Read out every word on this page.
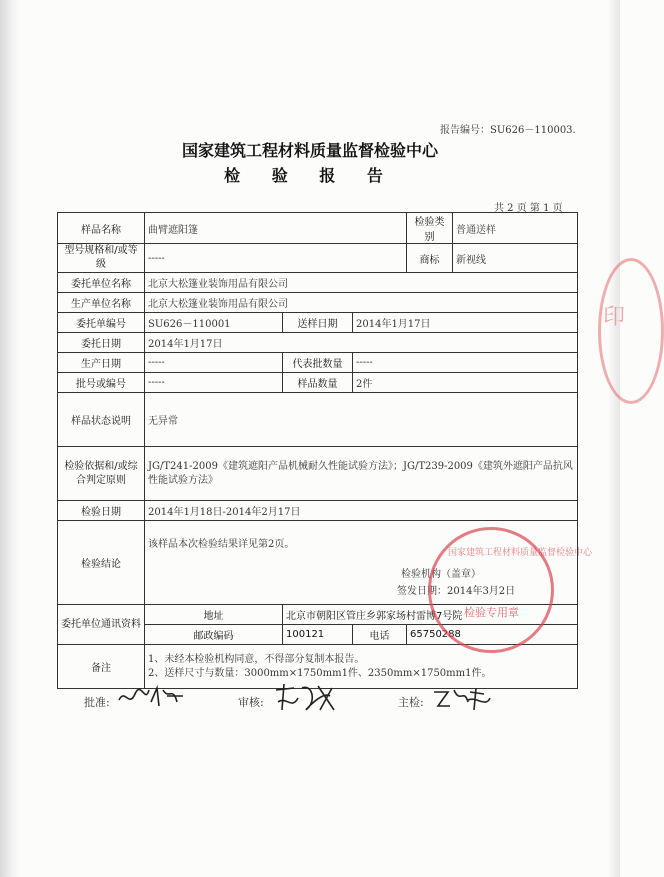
印
报告编号：SU626－110003.
国家建筑工程材料质量监督检验中心
检 验 报 告
共 2 页 第 1 页
样品名称	曲臂遮阳篷			检验类别	普通送样
型号规格和/或等级	-----			商标	新视线
委托单位名称	北京大松篷业装饰用品有限公司				
生产单位名称	北京大松篷业装饰用品有限公司				
委托单编号	SU626－110001	送样日期	2014年1月17日		
委托日期	2014年1月17日				
生产日期	-----	代表批数量	-----		
批号或编号	-----	样品数量	2件		
样品状态说明	无异常				
检验依据和/或综合判定原则	JG/T241-2009《建筑遮阳产品机械耐久性能试验方法》；JG/T239-2009《建筑外遮阳产品抗风性能试验方法》				
检验日期	2014年1月18日-2014年2月17日				
检验结论	该样品本次检验结果详见第2页。
检验机构（盖章）
签发日期：2014年3月2日				

委托单位通讯资料	地址	北京市朝阳区管庄乡郭家场村雷博7号院			
	邮政编码	100121	电话	65750288	
备注	1、未经本检验机构同意，不得部分复制本报告。
2、送样尺寸与数量：3000mm×1750mm1件、2350mm×1750mm1件。				
国家建筑工程材料质量监督检验中心
检验专用章
批准:	审核:	主检:
